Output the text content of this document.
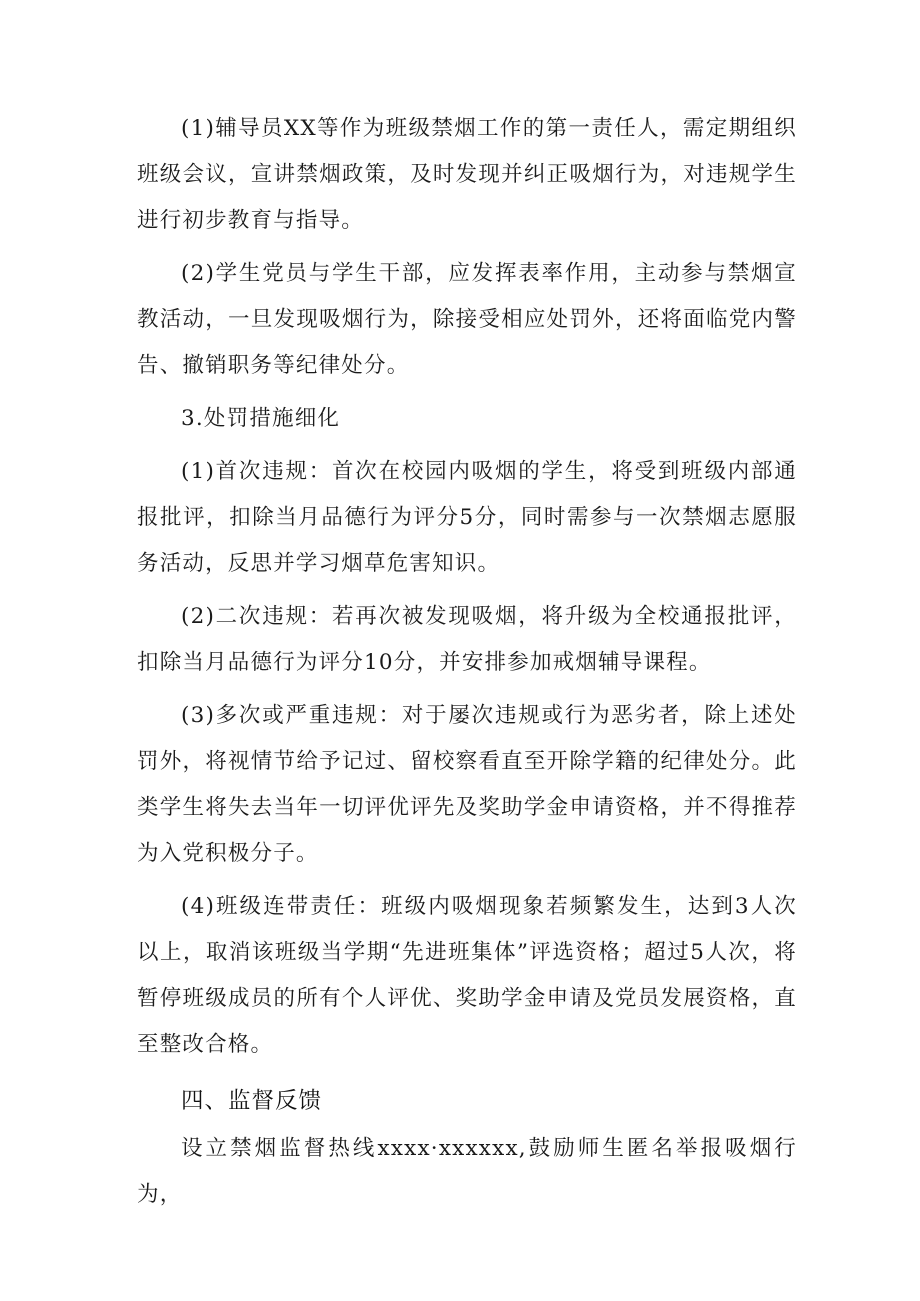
(1)辅导员XX等作为班级禁烟工作的第一责任人，需定期组织班级会议，宣讲禁烟政策，及时发现并纠正吸烟行为，对违规学生进行初步教育与指导。

(2)学生党员与学生干部，应发挥表率作用，主动参与禁烟宣教活动，一旦发现吸烟行为，除接受相应处罚外，还将面临党内警告、撤销职务等纪律处分。

3.处罚措施细化

(1)首次违规：首次在校园内吸烟的学生，将受到班级内部通报批评，扣除当月品德行为评分5分，同时需参与一次禁烟志愿服务活动，反思并学习烟草危害知识。

(2)二次违规：若再次被发现吸烟，将升级为全校通报批评，扣除当月品德行为评分10分，并安排参加戒烟辅导课程。

(3)多次或严重违规：对于屡次违规或行为恶劣者，除上述处罚外，将视情节给予记过、留校察看直至开除学籍的纪律处分。此类学生将失去当年一切评优评先及奖助学金申请资格，并不得推荐为入党积极分子。

(4)班级连带责任：班级内吸烟现象若频繁发生，达到3人次以上，取消该班级当学期“先进班集体”评选资格；超过5人次，将暂停班级成员的所有个人评优、奖助学金申请及党员发展资格，直至整改合格。

四、监督反馈

设立禁烟监督热线xxxx·xxxxxx,鼓励师生匿名举报吸烟行为，
